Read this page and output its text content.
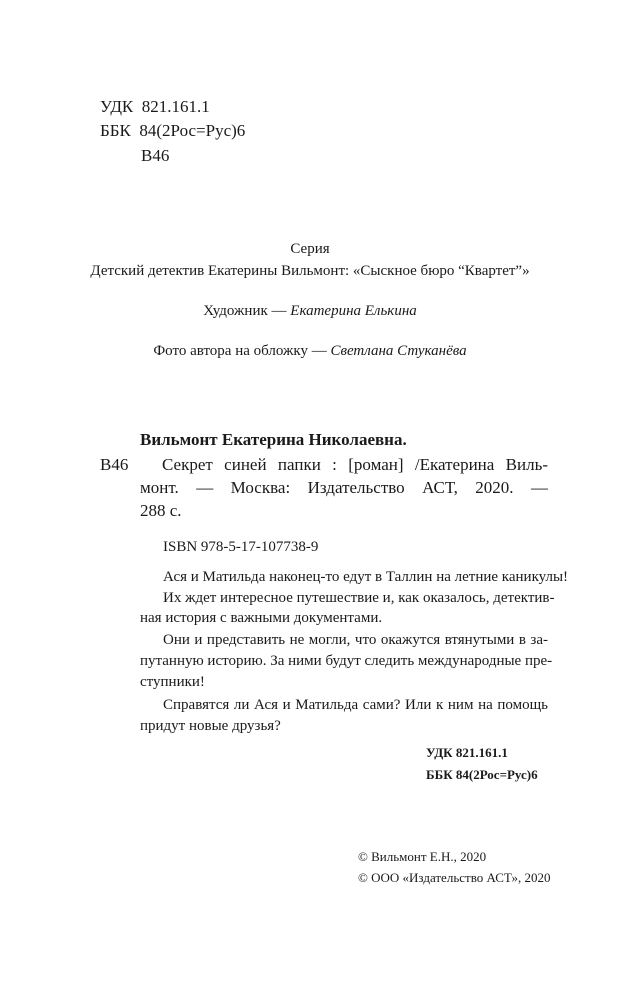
УДК 821.161.1
ББК 84(2Рос=Рус)6
В46
Серия
Детский детектив Екатерины Вильмонт: «Сыскное бюро “Квартет”»
Художник — Екатерина Елькина
Фото автора на обложку — Светлана Стуканёва
Вильмонт Екатерина Николаевна.
В46 Секрет синей папки : [роман] /Екатерина Виль-
монт. — Москва: Издательство АСТ, 2020. —
288 с.
ISBN 978-5-17-107738-9
Ася и Матильда наконец-то едут в Таллин на летние каникулы!
Их ждет интересное путешествие и, как оказалось, детектив-
ная история с важными документами.
Они и представить не могли, что окажутся втянутыми в за-
путанную историю. За ними будут следить международные пре-
ступники!
Справятся ли Ася и Матильда сами? Или к ним на помощь
придут новые друзья?
УДК 821.161.1
ББК 84(2Рос=Рус)6
© Вильмонт Е.Н., 2020
© ООО «Издательство АСТ», 2020
